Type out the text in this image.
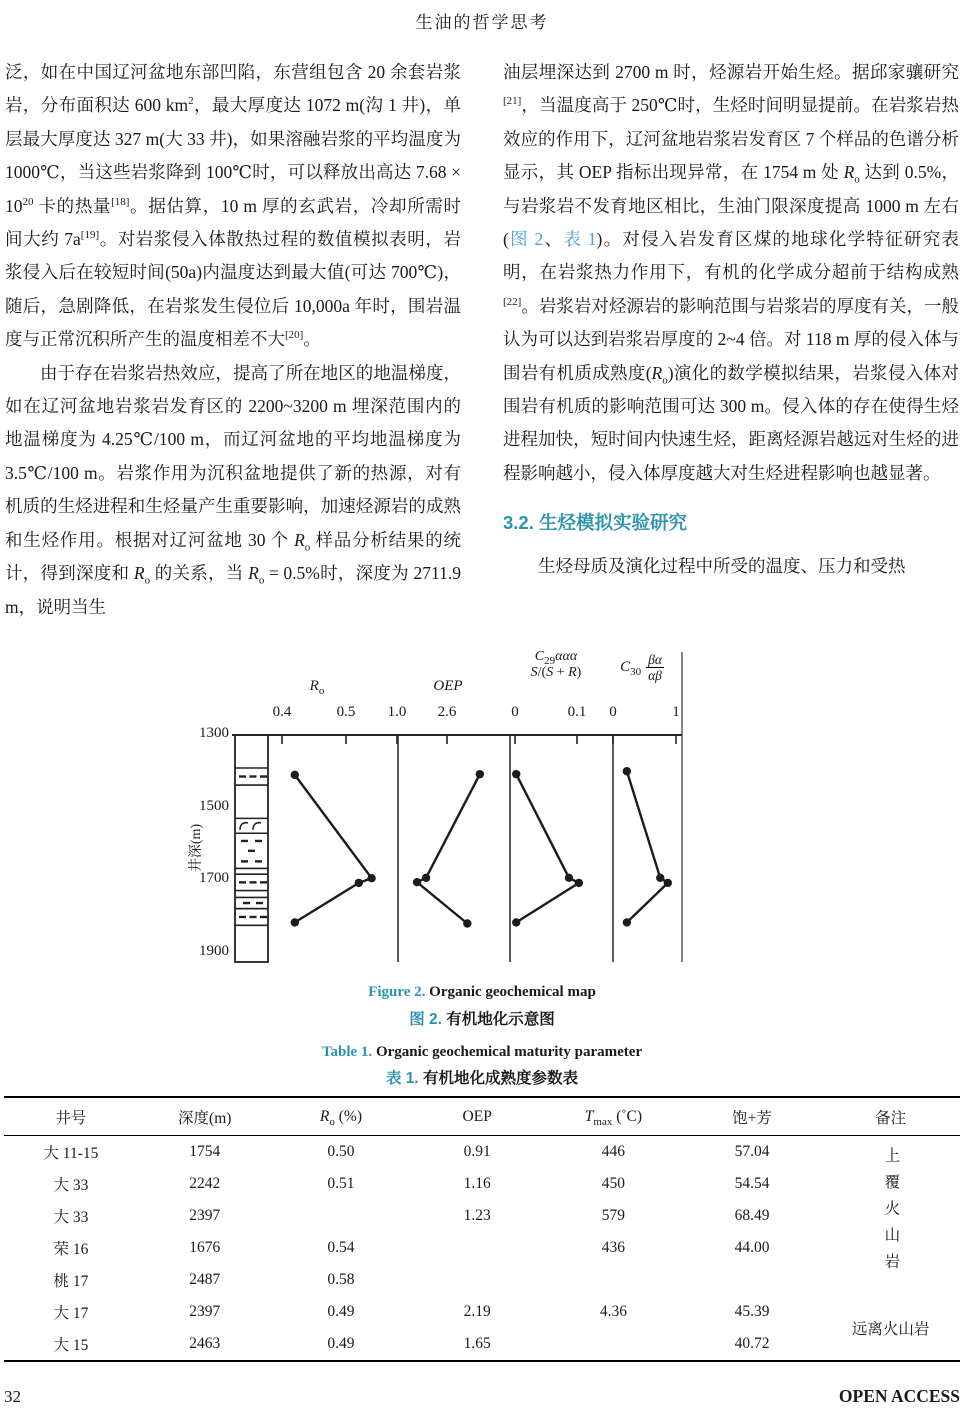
生油的哲学思考

泛，如在中国辽河盆地东部凹陷，东营组包含 20 余套岩浆岩，分布面积达 600 $km^2$，最大厚度达 1072 m(沟 1 井)，单层最大厚度达 327 m(大 33 井)，如果溶融岩浆的平均温度为 1000℃，当这些岩浆降到 100℃时，可以释放出高达 $7.68 \times 10^{20}$ 卡的热量[18]。据估算，10 m 厚的玄武岩，冷却所需时间大约 7a[19]。对岩浆侵入体散热过程的数值模拟表明，岩浆侵入后在较短时间(50a)内温度达到最大值(可达 700℃)，随后，急剧降低，在岩浆发生侵位后 10,000a 年时，围岩温度与正常沉积所产生的温度相差不大[20]。

由于存在岩浆岩热效应，提高了所在地区的地温梯度，如在辽河盆地岩浆岩发育区的 2200~3200 m 埋深范围内的地温梯度为 4.25℃/100 m，而辽河盆地的平均地温梯度为 3.5℃/100 m。岩浆作用为沉积盆地提供了新的热源，对有机质的生烃进程和生烃量产生重要影响，加速烃源岩的成熟和生烃作用。根据对辽河盆地 30 个 $R_o$ 样品分析结果的统计，得到深度和 $R_o$ 的关系，当 $R_o = 0.5\%$时，深度为 2711.9 m，说明当生

油层埋深达到 2700 m 时，烃源岩开始生烃。据邱家骧研究[21]，当温度高于 250℃时，生烃时间明显提前。在岩浆岩热效应的作用下，辽河盆地岩浆岩发育区 7 个样品的色谱分析显示，其 OEP 指标出现异常，在 1754 m 处 $R_o$ 达到 0.5%，与岩浆岩不发育地区相比，生油门限深度提高 1000 m 左右(图 2、表 1)。对侵入岩发育区煤的地球化学特征研究表明，在岩浆热力作用下，有机的化学成分超前于结构成熟[22]。岩浆岩对烃源岩的影响范围与岩浆岩的厚度有关，一般认为可以达到岩浆岩厚度的 2~4 倍。对 118 m 厚的侵入体与围岩有机质成熟度$(R_o)$演化的数学模拟结果，岩浆侵入体对围岩有机质的影响范围可达 300 m。侵入体的存在使得生烃进程加快，短时间内快速生烃，距离烃源岩越远对生烃的进程影响越小，侵入体厚度越大对生烃进程影响也越显著。

3.2. 生烃模拟实验研究

生烃母质及演化过程中所受的温度、压力和受热

井深(m)
$R_o$	OEP
$C_{29}\alpha\alpha\alpha$
S/(S + R)	$C_{30} \frac{\beta\alpha}{\alpha\beta}$
0.4	0.5	1.0	2.6	0	0.1	0	1
1300
1500
1700
1900
Figure 2. Organic geochemical map
图 2. 有机地化示意图
Table 1. Organic geochemical maturity parameter
表 1. 有机地化成熟度参数表
井号	深度(m)	$R_o$ (%)	OEP	$T_{max}$ (˚C)	饱+芳	备注
大 11-15	1754	0.50	0.91	446	57.04	上覆火山岩
大 33	2242	0.51	1.16	450	54.54	
大 33	2397		1.23	579	68.49	
荣 16	1676	0.54		436	44.00	
桃 17	2487	0.58				
大 17	2397	0.49	2.19	4.36	45.39	远离火山岩
大 15	2463	0.49	1.65		40.72	
32	OPEN ACCESS
